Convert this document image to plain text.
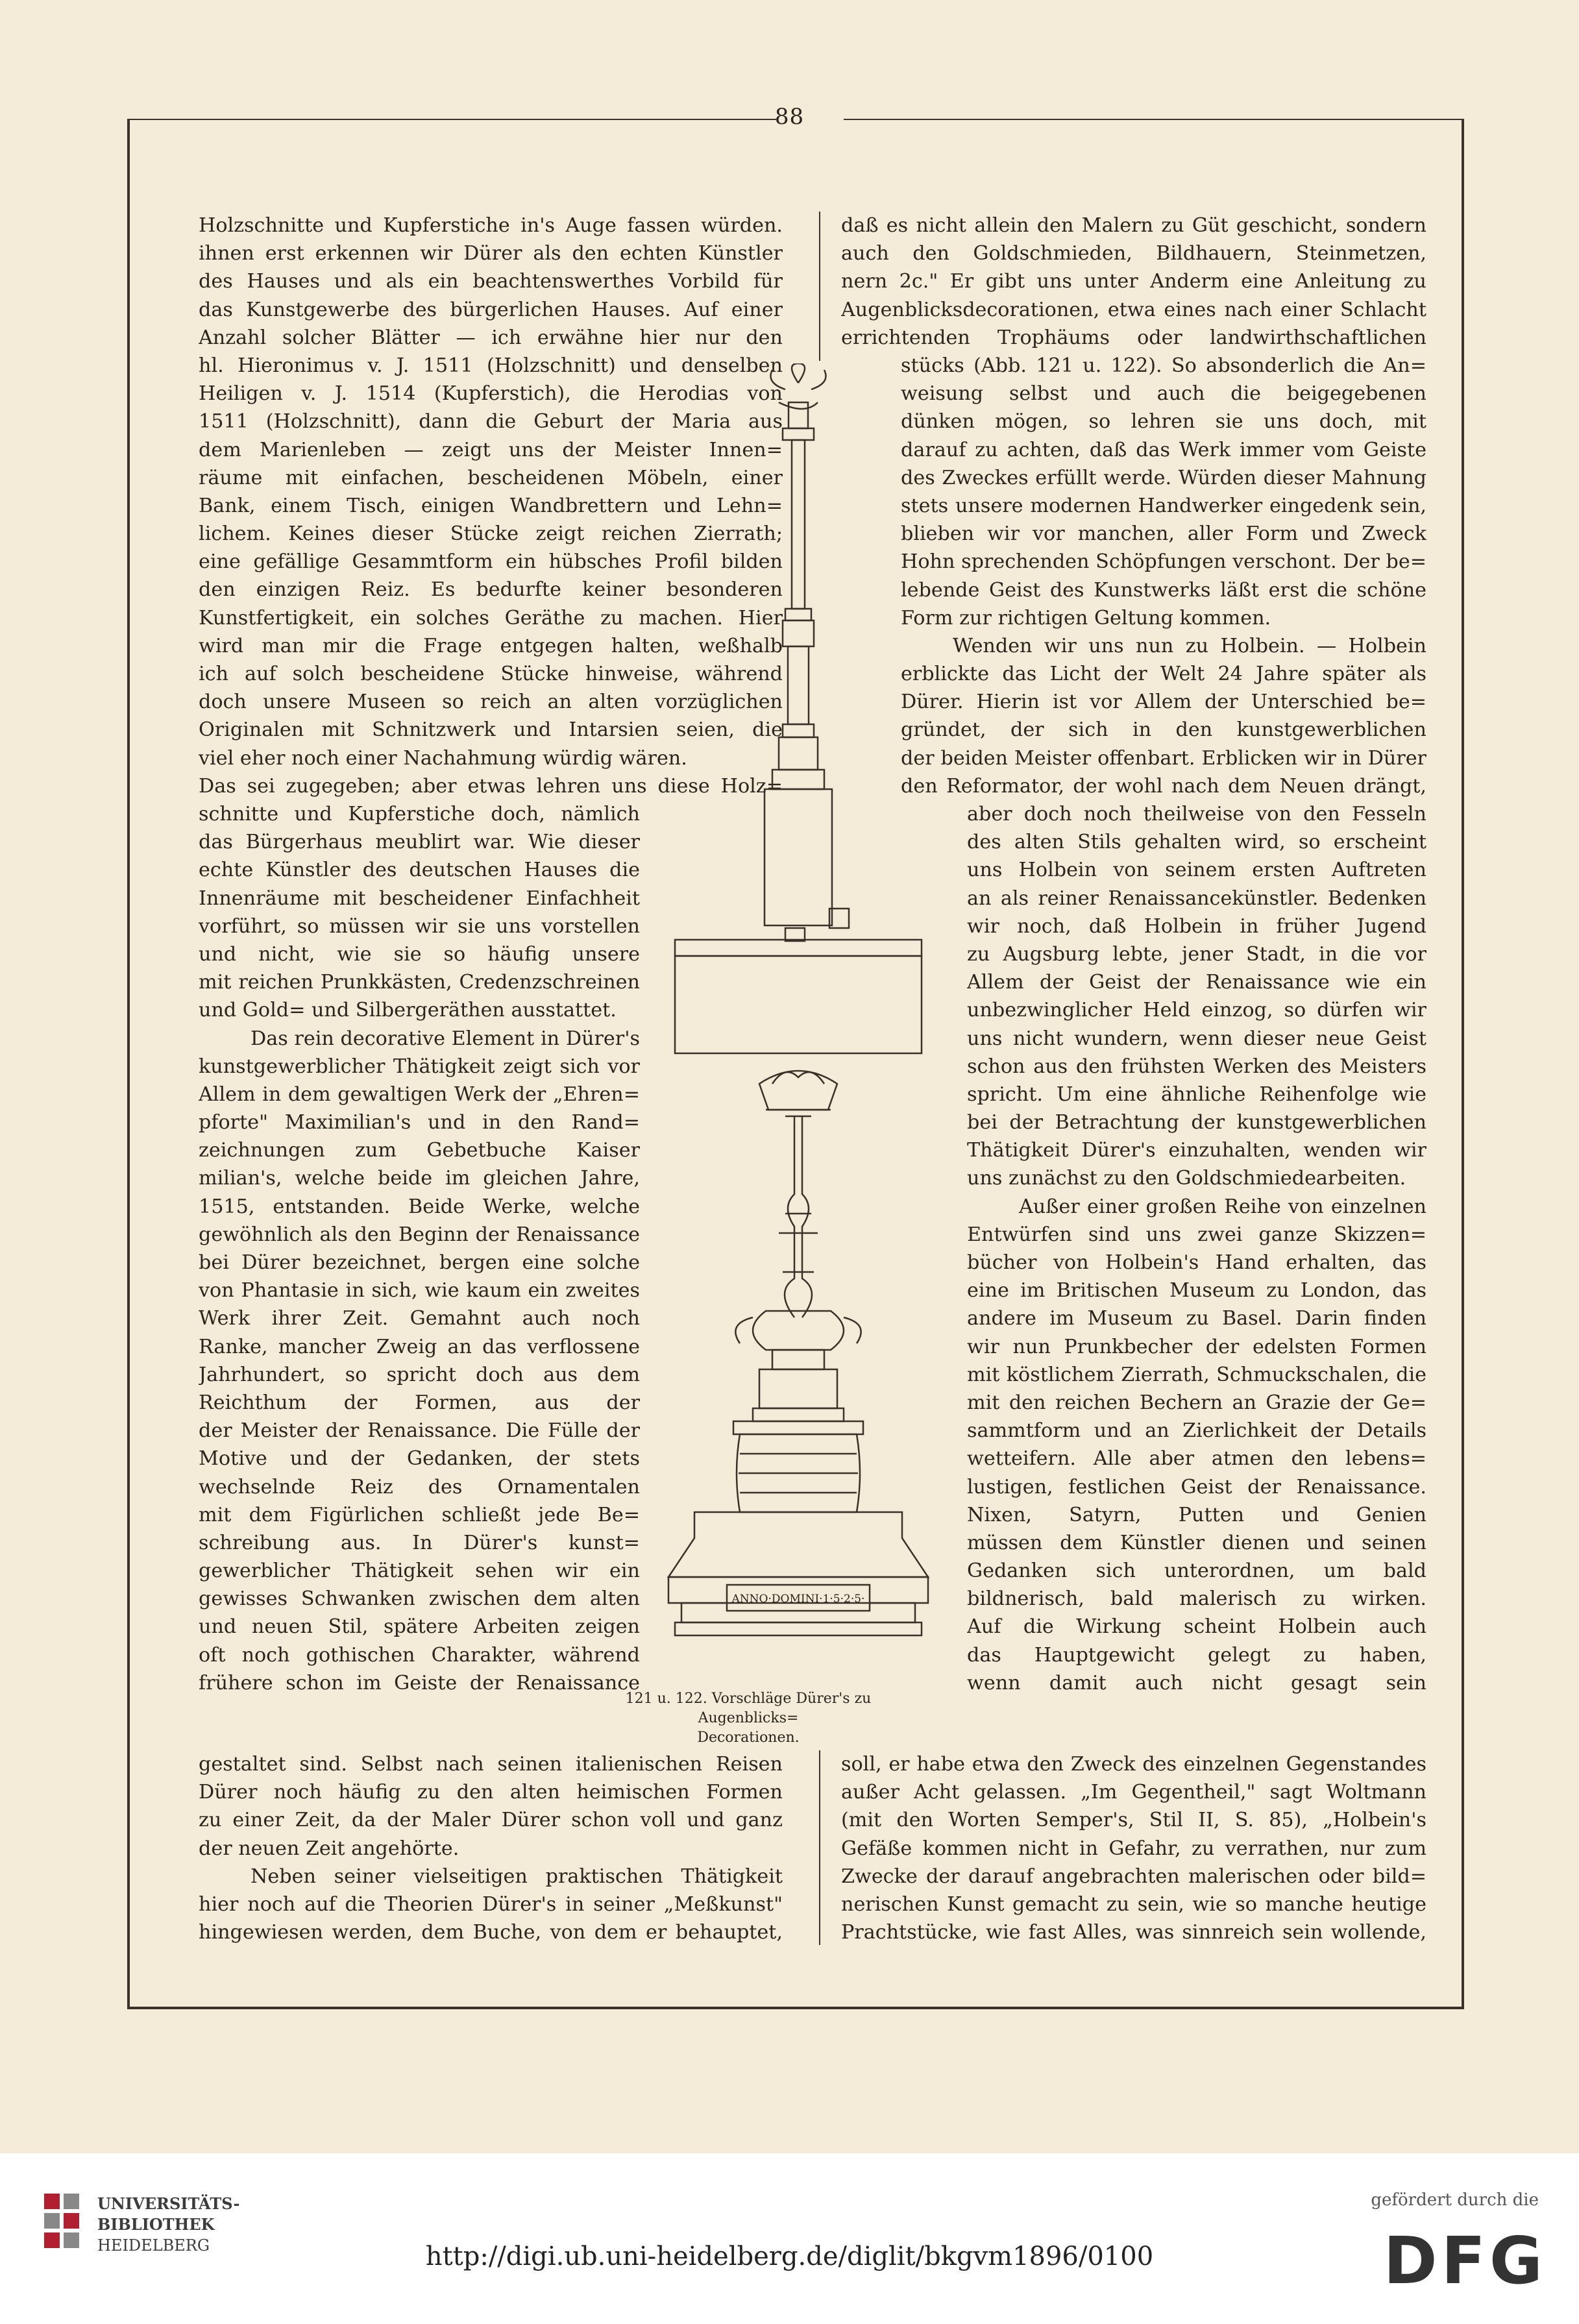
88
Holzschnitte und Kupferstiche in's Auge fassen würden.
ihnen erst erkennen wir Dürer als den echten Künstler
des Hauses und als ein beachtenswerthes Vorbild für
das Kunstgewerbe des bürgerlichen Hauses. Auf einer
Anzahl solcher Blätter — ich erwähne hier nur den
hl. Hieronimus v. J. 1511 (Holzschnitt) und denselben
Heiligen v. J. 1514 (Kupferstich), die Herodias von
1511 (Holzschnitt), dann die Geburt der Maria aus
dem Marienleben — zeigt uns der Meister Innen=
räume mit einfachen, bescheidenen Möbeln, einer
Bank, einem Tisch, einigen Wandbrettern und Lehn=
lichem. Keines dieser Stücke zeigt reichen Zierrath;
eine gefällige Gesammtform ein hübsches Profil bilden
den einzigen Reiz. Es bedurfte keiner besonderen
Kunstfertigkeit, ein solches Geräthe zu machen. Hier
wird man mir die Frage entgegen halten, weßhalb
ich auf solch bescheidene Stücke hinweise, während
doch unsere Museen so reich an alten vorzüglichen
Originalen mit Schnitzwerk und Intarsien seien, die
viel eher noch einer Nachahmung würdig wären.
Das sei zugegeben; aber etwas lehren uns diese Holz=
schnitte und Kupferstiche doch, nämlich
das Bürgerhaus meublirt war. Wie dieser
echte Künstler des deutschen Hauses die
Innenräume mit bescheidener Einfachheit
vorführt, so müssen wir sie uns vorstellen
und nicht, wie sie so häufig unsere
mit reichen Prunkkästen, Credenzschreinen
und Gold= und Silbergeräthen ausstattet.
Das rein decorative Element in Dürer's
kunstgewerblicher Thätigkeit zeigt sich vor
Allem in dem gewaltigen Werk der „Ehren=
pforte" Maximilian's und in den Rand=
zeichnungen zum Gebetbuche Kaiser
milian's, welche beide im gleichen Jahre,
1515, entstanden. Beide Werke, welche
gewöhnlich als den Beginn der Renaissance
bei Dürer bezeichnet, bergen eine solche
von Phantasie in sich, wie kaum ein zweites
Werk ihrer Zeit. Gemahnt auch noch
Ranke, mancher Zweig an das verflossene
Jahrhundert, so spricht doch aus dem
Reichthum der Formen, aus der
der Meister der Renaissance. Die Fülle der
Motive und der Gedanken, der stets
wechselnde Reiz des Ornamentalen
mit dem Figürlichen schließt jede Be=
schreibung aus. In Dürer's kunst=
gewerblicher Thätigkeit sehen wir ein
gewisses Schwanken zwischen dem alten
und neuen Stil, spätere Arbeiten zeigen
oft noch gothischen Charakter, während
frühere schon im Geiste der Renaissance
gestaltet sind. Selbst nach seinen italienischen Reisen
Dürer noch häufig zu den alten heimischen Formen
zu einer Zeit, da der Maler Dürer schon voll und ganz
der neuen Zeit angehörte.
Neben seiner vielseitigen praktischen Thätigkeit
hier noch auf die Theorien Dürer's in seiner „Meßkunst"
hingewiesen werden, dem Buche, von dem er behauptet,
daß es nicht allein den Malern zu Güt geschicht, sondern
auch den Goldschmieden, Bildhauern, Steinmetzen,
nern 2c." Er gibt uns unter Anderm eine Anleitung zu
Augenblicksdecorationen, etwa eines nach einer Schlacht
errichtenden Trophäums oder landwirthschaftlichen
stücks (Abb. 121 u. 122). So absonderlich die An=
weisung selbst und auch die beigegebenen
dünken mögen, so lehren sie uns doch, mit
darauf zu achten, daß das Werk immer vom Geiste
des Zweckes erfüllt werde. Würden dieser Mahnung
stets unsere modernen Handwerker eingedenk sein,
blieben wir vor manchen, aller Form und Zweck
Hohn sprechenden Schöpfungen verschont. Der be=
lebende Geist des Kunstwerks läßt erst die schöne
Form zur richtigen Geltung kommen.
Wenden wir uns nun zu Holbein. — Holbein
erblickte das Licht der Welt 24 Jahre später als
Dürer. Hierin ist vor Allem der Unterschied be=
gründet, der sich in den kunstgewerblichen
der beiden Meister offenbart. Erblicken wir in Dürer
den Reformator, der wohl nach dem Neuen drängt,
aber doch noch theilweise von den Fesseln
des alten Stils gehalten wird, so erscheint
uns Holbein von seinem ersten Auftreten
an als reiner Renaissancekünstler. Bedenken
wir noch, daß Holbein in früher Jugend
zu Augsburg lebte, jener Stadt, in die vor
Allem der Geist der Renaissance wie ein
unbezwinglicher Held einzog, so dürfen wir
uns nicht wundern, wenn dieser neue Geist
schon aus den frühsten Werken des Meisters
spricht. Um eine ähnliche Reihenfolge wie
bei der Betrachtung der kunstgewerblichen
Thätigkeit Dürer's einzuhalten, wenden wir
uns zunächst zu den Goldschmiedearbeiten.
Außer einer großen Reihe von einzelnen
Entwürfen sind uns zwei ganze Skizzen=
bücher von Holbein's Hand erhalten, das
eine im Britischen Museum zu London, das
andere im Museum zu Basel. Darin finden
wir nun Prunkbecher der edelsten Formen
mit köstlichem Zierrath, Schmuckschalen, die
mit den reichen Bechern an Grazie der Ge=
sammtform und an Zierlichkeit der Details
wetteifern. Alle aber atmen den lebens=
lustigen, festlichen Geist der Renaissance.
Nixen, Satyrn, Putten und Genien
müssen dem Künstler dienen und seinen
Gedanken sich unterordnen, um bald
bildnerisch, bald malerisch zu wirken.
Auf die Wirkung scheint Holbein auch
das Hauptgewicht gelegt zu haben,
wenn damit auch nicht gesagt sein
soll, er habe etwa den Zweck des einzelnen Gegenstandes
außer Acht gelassen. „Im Gegentheil," sagt Woltmann
(mit den Worten Semper's, Stil II, S. 85), „Holbein's
Gefäße kommen nicht in Gefahr, zu verrathen, nur zum
Zwecke der darauf angebrachten malerischen oder bild=
nerischen Kunst gemacht zu sein, wie so manche heutige
Prachtstücke, wie fast Alles, was sinnreich sein wollende,
ANNO·DOMINI·1·5·2·5·
121 u. 122. Vorschläge Dürer's zu Augenblicks=
Decorationen.
UNIVERSITÄTS-
BIBLIOTHEK
HEIDELBERG	http://digi.ub.uni-heidelberg.de/diglit/bkgvm1896/0100
gefördert durch die
DFG
